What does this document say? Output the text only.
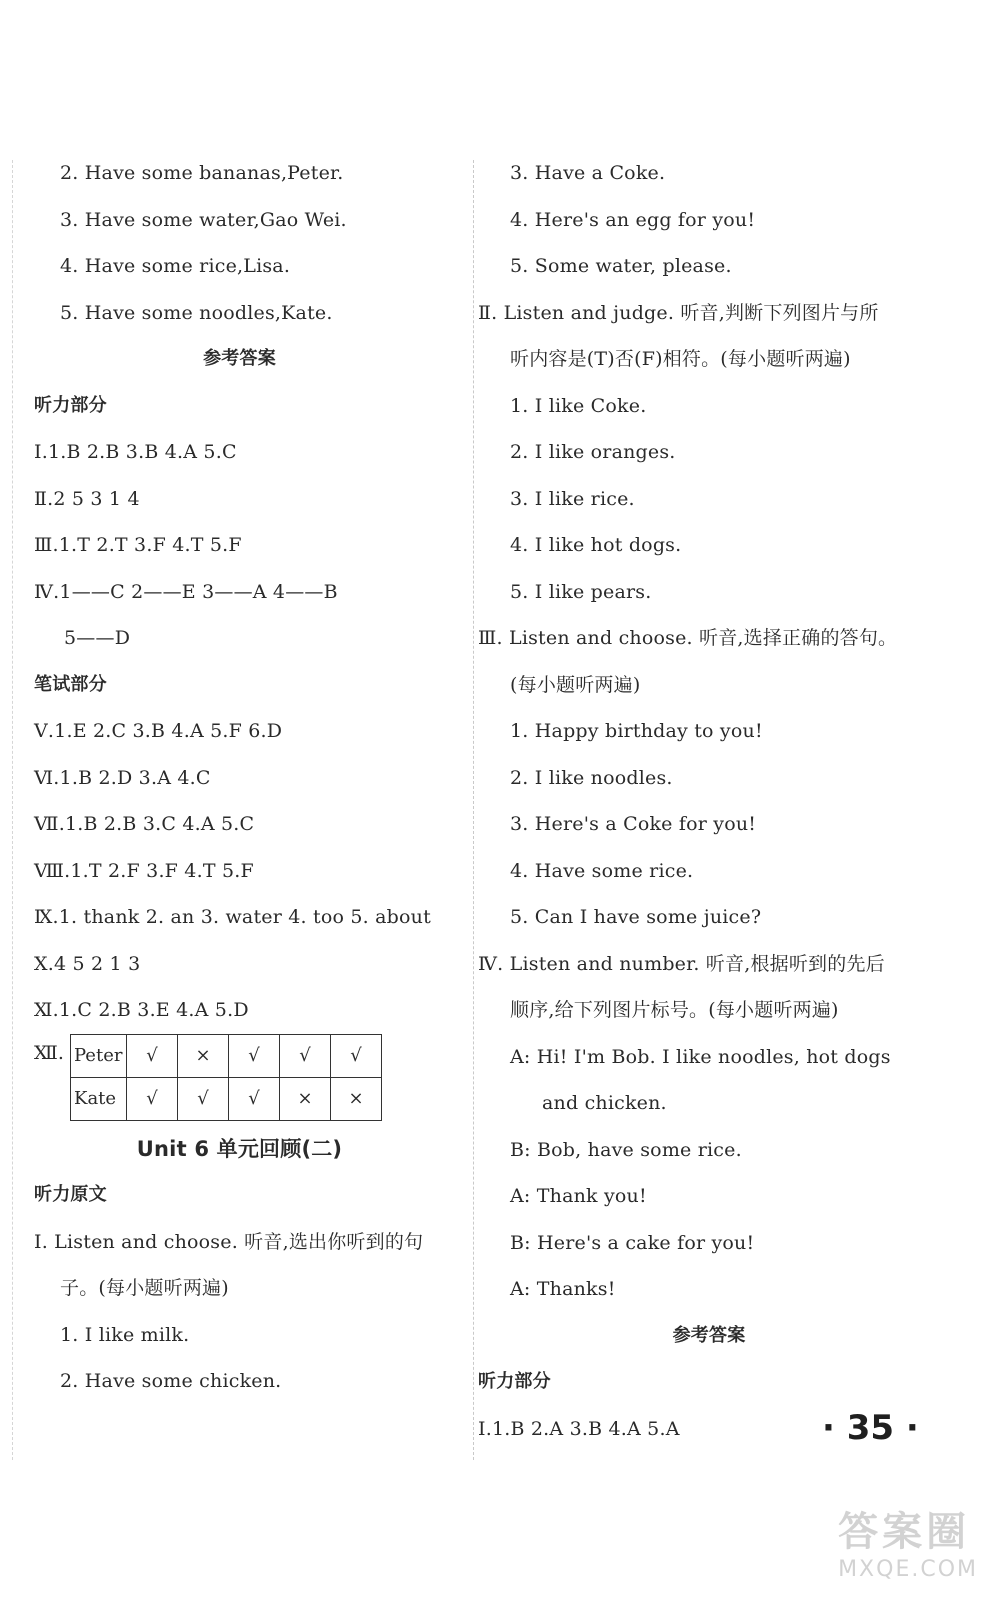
2. Have some bananas,Peter.
3. Have some water,Gao Wei.
4. Have some rice,Lisa.
5. Have some noodles,Kate.
参考答案
听力部分
Ⅰ.1.B 2.B 3.B 4.A 5.C
Ⅱ.2 5 3 1 4
Ⅲ.1.T 2.T 3.F 4.T 5.F
Ⅳ.1——C 2——E 3——A 4——B
5——D
笔试部分
Ⅴ.1.E 2.C 3.B 4.A 5.F 6.D
Ⅵ.1.B 2.D 3.A 4.C
Ⅶ.1.B 2.B 3.C 4.A 5.C
Ⅷ.1.T 2.F 3.F 4.T 5.F
Ⅸ.1. thank 2. an 3. water 4. too 5. about
Ⅹ.4 5 2 1 3
Ⅺ.1.C 2.B 3.E 4.A 5.D
Ⅻ. Peter	√	×	√	√	√
Kate	√	√	√	×	×
Unit 6 单元回顾(二)
听力原文
Ⅰ. Listen and choose. 听音,选出你听到的句
子。(每小题听两遍)
1. I like milk.
2. Have some chicken.
3. Have a Coke.
4. Here's an egg for you!
5. Some water, please.
Ⅱ. Listen and judge. 听音,判断下列图片与所
听内容是(T)否(F)相符。(每小题听两遍)
1. I like Coke.
2. I like oranges.
3. I like rice.
4. I like hot dogs.
5. I like pears.
Ⅲ. Listen and choose. 听音,选择正确的答句。
(每小题听两遍)
1. Happy birthday to you!
2. I like noodles.
3. Here's a Coke for you!
4. Have some rice.
5. Can I have some juice?
Ⅳ. Listen and number. 听音,根据听到的先后
顺序,给下列图片标号。(每小题听两遍)
A: Hi! I'm Bob. I like noodles, hot dogs
and chicken.
B: Bob, have some rice.
A: Thank you!
B: Here's a cake for you!
A: Thanks!
参考答案
听力部分
Ⅰ.1.B 2.A 3.B 4.A 5.A	· 35 ·
答案圈
MXQE.COM
